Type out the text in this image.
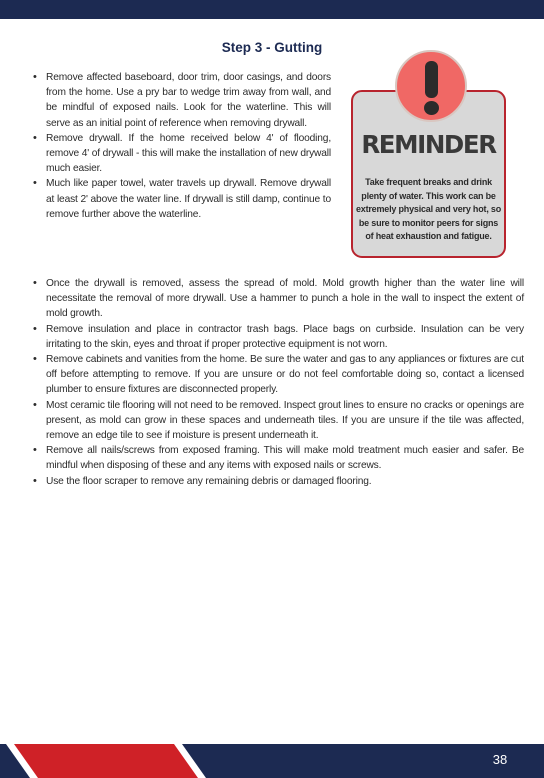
Step 3 - Gutting
• Remove affected baseboard, door trim, door casings, and doors from the home. Use a pry bar to wedge trim away from wall, and be mindful of exposed nails. Look for the waterline. This will serve as an initial point of reference when removing drywall.
• Remove drywall. If the home received below 4' of flooding, remove 4' of drywall - this will make the installation of new drywall much easier.
• Much like paper towel, water travels up drywall. Remove drywall at least 2' above the water line. If drywall is still damp, continue to remove further above the waterline.
REMINDER
Take frequent breaks and drink plenty of water. This work can be extremely physical and very hot, so be sure to monitor peers for signs of heat exhaustion and fatigue.
• Once the drywall is removed, assess the spread of mold. Mold growth higher than the water line will necessitate the removal of more drywall. Use a hammer to punch a hole in the wall to inspect the extent of mold growth.
• Remove insulation and place in contractor trash bags. Place bags on curbside. Insulation can be very irritating to the skin, eyes and throat if proper protective equipment is not worn.
• Remove cabinets and vanities from the home. Be sure the water and gas to any appliances or fixtures are cut off before attempting to remove. If you are unsure or do not feel comfortable doing so, contact a licensed plumber to ensure fixtures are disconnected properly.
• Most ceramic tile flooring will not need to be removed. Inspect grout lines to ensure no cracks or openings are present, as mold can grow in these spaces and underneath tiles. If you are unsure if the tile was affected, remove an edge tile to see if moisture is present underneath it.
• Remove all nails/screws from exposed framing. This will make mold treatment much easier and safer. Be mindful when disposing of these and any items with exposed nails or screws.
• Use the floor scraper to remove any remaining debris or damaged flooring.
38
